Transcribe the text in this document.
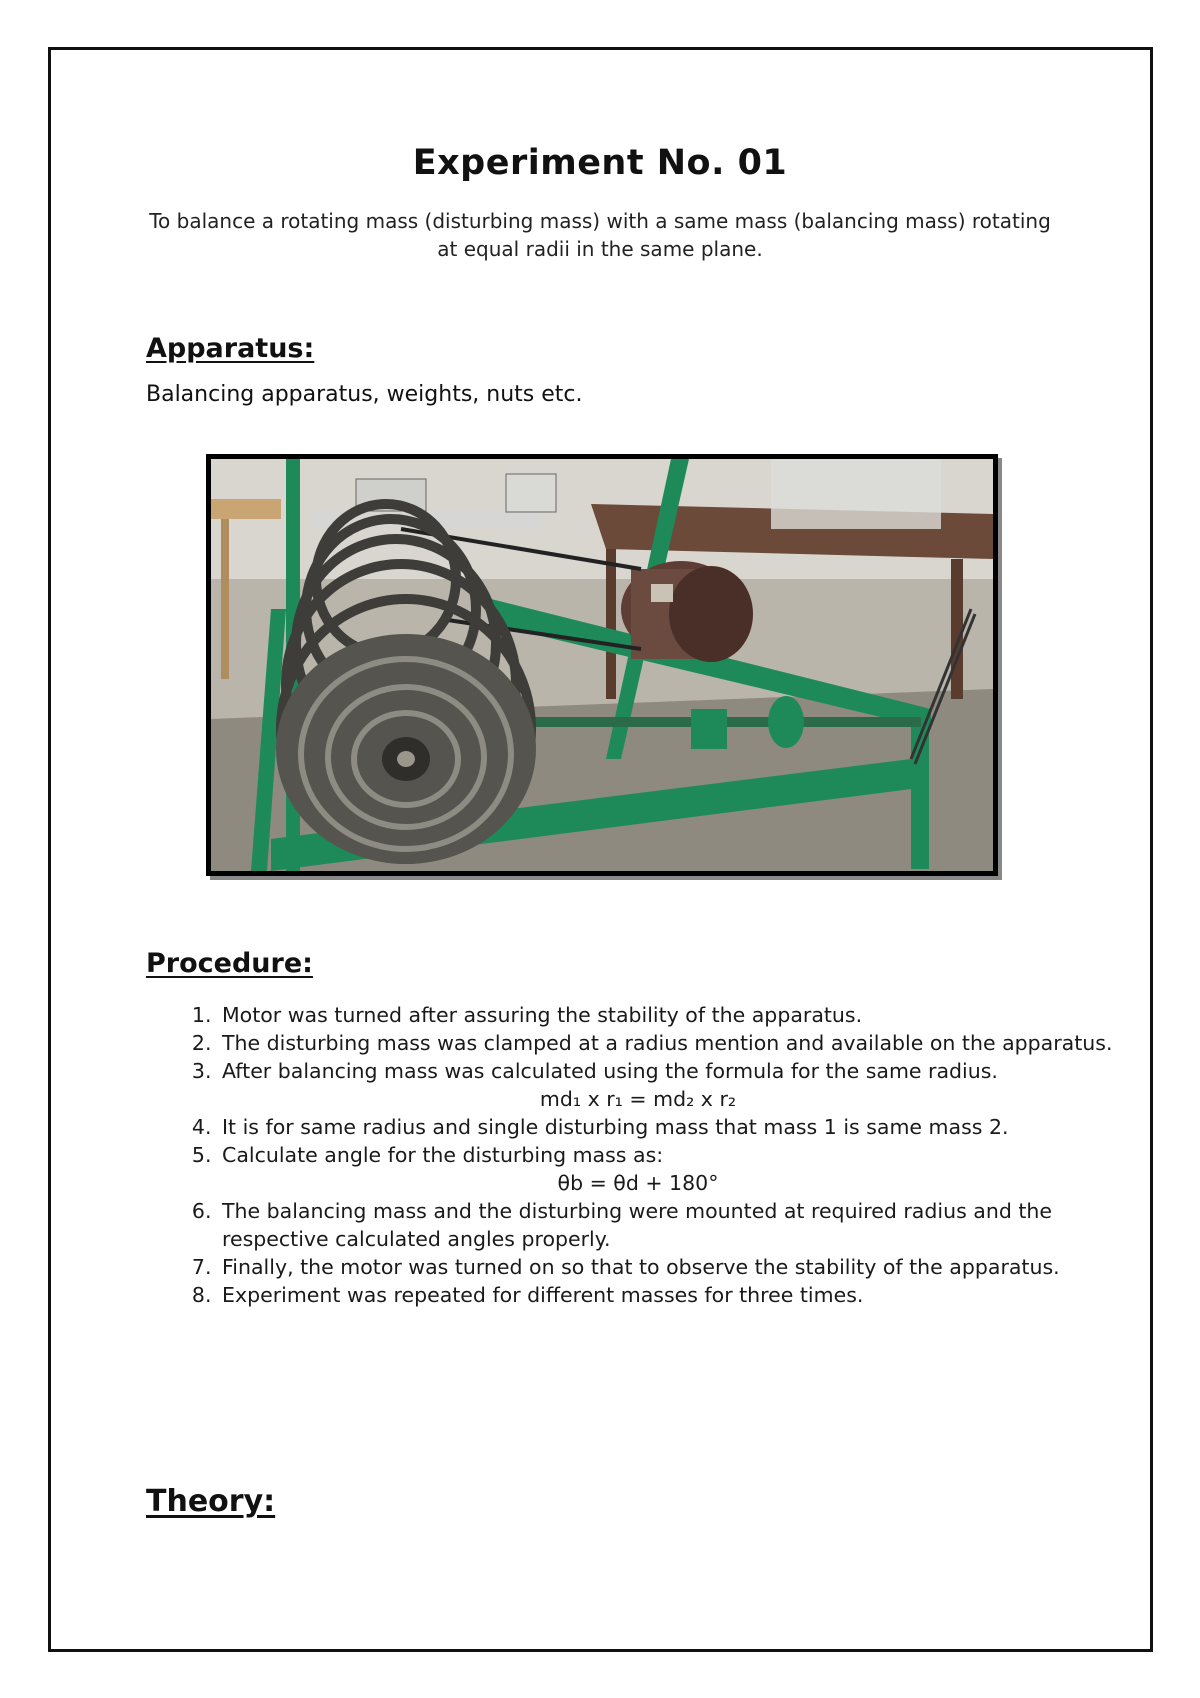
Experiment No. 01
To balance a rotating mass (disturbing mass) with a same mass (balancing mass) rotating at equal radii in the same plane.
Apparatus:
Balancing apparatus, weights, nuts etc.
Procedure:
1. Motor was turned after assuring the stability of the apparatus.
2. The disturbing mass was clamped at a radius mention and available on the apparatus.
3. After balancing mass was calculated using the formula for the same radius.
md₁ x r₁ = md₂ x r₂
4. It is for same radius and single disturbing mass that mass 1 is same mass 2.
5. Calculate angle for the disturbing mass as:
θb = θd + 180°
6. The balancing mass and the disturbing were mounted at required radius and the respective calculated angles properly.
7. Finally, the motor was turned on so that to observe the stability of the apparatus.
8. Experiment was repeated for different masses for three times.
Theory:
